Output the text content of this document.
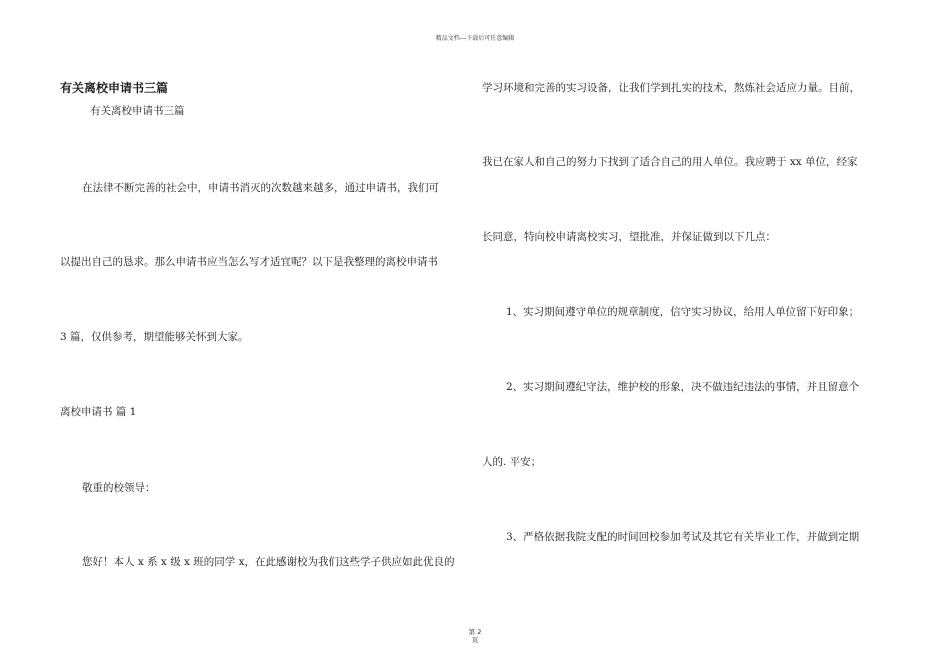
精品文档---下载后可任意编辑
有关离校申请书三篇
有关离校申请书三篇
在法律不断完善的社会中，申请书消灭的次数越来越多，通过申请书，我们可
以提出自己的恳求。那么申请书应当怎么写才适宜呢？以下是我整理的离校申请书
3 篇，仅供参考，期望能够关怀到大家。
离校申请书 篇 1
敬重的校领导：
您好！本人 x 系 x 级 x 班的同学 x，在此感谢校为我们这些学子供应如此优良的
学习环境和完善的实习设备，让我们学到扎实的技术，熬炼社会适应力量。目前，
我已在家人和自己的努力下找到了适合自己的用人单位。我应聘于 xx 单位，经家
长同意，特向校申请离校实习，望批准，并保证做到以下几点：
1、实习期间遵守单位的规章制度，信守实习协议，给用人单位留下好印象；
2、实习期间遵纪守法，维护校的形象，决不做违纪违法的事情，并且留意个
人的. 平安；
3、严格依据我院支配的时间回校参加考试及其它有关毕业工作，并做到定期
第 2
页
